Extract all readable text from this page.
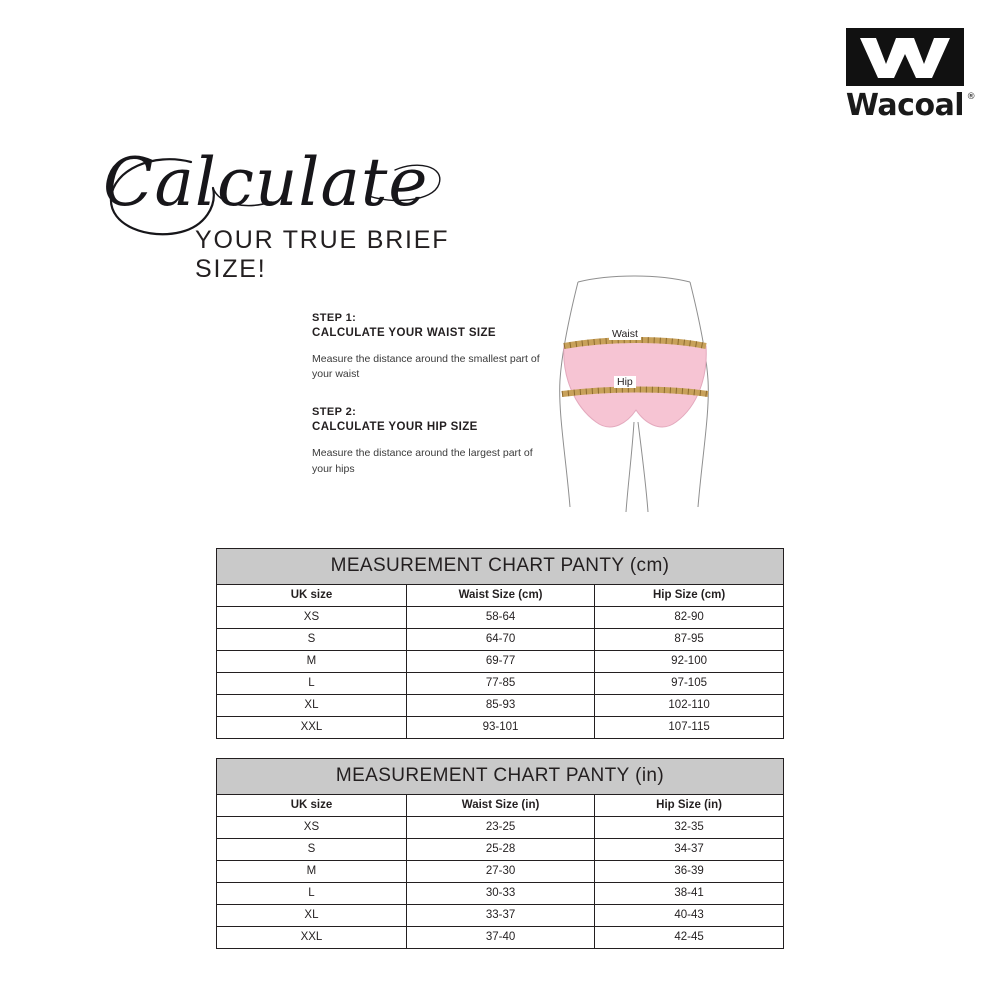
Wacoal ®
Calculate
YOUR TRUE BRIEF SIZE!
STEP 1:
CALCULATE YOUR WAIST SIZE
Measure the distance around the smallest part of your waist
STEP 2:
CALCULATE YOUR HIP SIZE
Measure the distance around the largest part of your hips
Waist
Hip
MEASUREMENT CHART PANTY (cm)
UK size	Waist Size (cm)	Hip Size (cm)
XS	58-64	82-90
S	64-70	87-95
M	69-77	92-100
L	77-85	97-105
XL	85-93	102-110
XXL	93-101	107-115
MEASUREMENT CHART PANTY (in)
UK size	Waist Size (in)	Hip Size (in)
XS	23-25	32-35
S	25-28	34-37
M	27-30	36-39
L	30-33	38-41
XL	33-37	40-43
XXL	37-40	42-45
